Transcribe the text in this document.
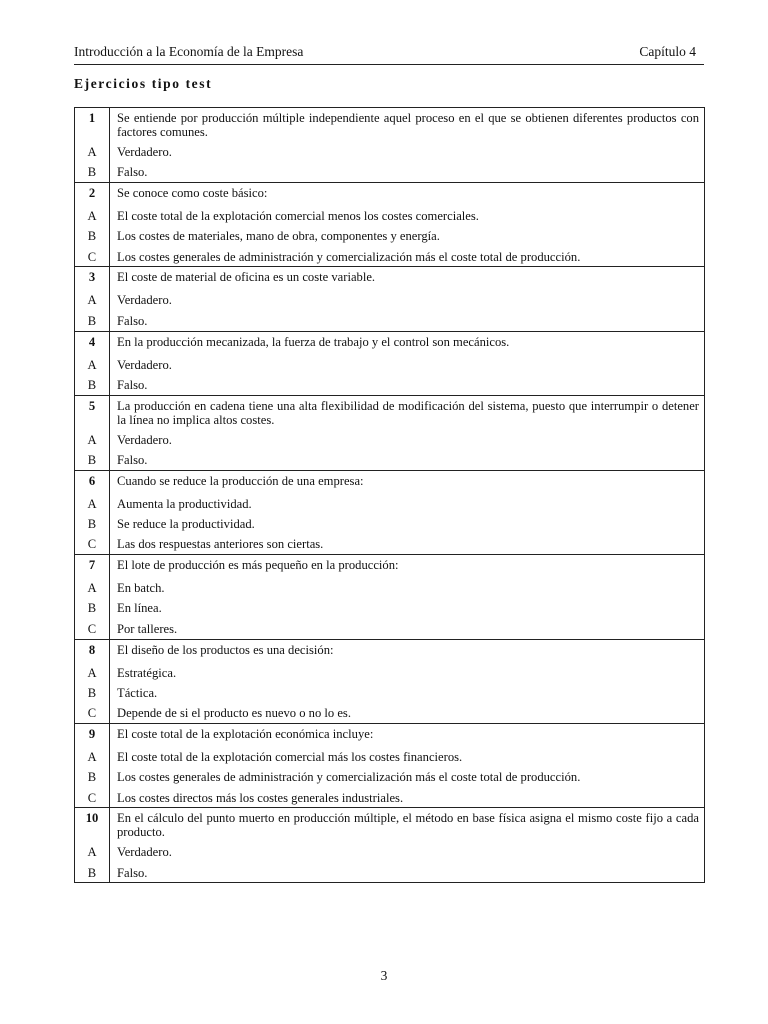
Introducción a la Economía de la Empresa	Capítulo 4
Ejercicios tipo test
1	Se entiende por producción múltiple independiente aquel proceso en el que se obtienen diferentes productos con factores comunes.
A	Verdadero.
B	Falso.
2	Se conoce como coste básico:
A	El coste total de la explotación comercial menos los costes comerciales.
B	Los costes de materiales, mano de obra, componentes y energía.
C	Los costes generales de administración y comercialización más el coste total de producción.
3	El coste de material de oficina es un coste variable.
A	Verdadero.
B	Falso.
4	En la producción mecanizada, la fuerza de trabajo y el control son mecánicos.
A	Verdadero.
B	Falso.
5	La producción en cadena tiene una alta flexibilidad de modificación del sistema, puesto que interrumpir o detener la línea no implica altos costes.
A	Verdadero.
B	Falso.
6	Cuando se reduce la producción de una empresa:
A	Aumenta la productividad.
B	Se reduce la productividad.
C	Las dos respuestas anteriores son ciertas.
7	El lote de producción es más pequeño en la producción:
A	En batch.
B	En línea.
C	Por talleres.
8	El diseño de los productos es una decisión:
A	Estratégica.
B	Táctica.
C	Depende de si el producto es nuevo o no lo es.
9	El coste total de la explotación económica incluye:
A	El coste total de la explotación comercial más los costes financieros.
B	Los costes generales de administración y comercialización más el coste total de producción.
C	Los costes directos más los costes generales industriales.
10	En el cálculo del punto muerto en producción múltiple, el método en base física asigna el mismo coste fijo a cada producto.
A	Verdadero.
B	Falso.
3
